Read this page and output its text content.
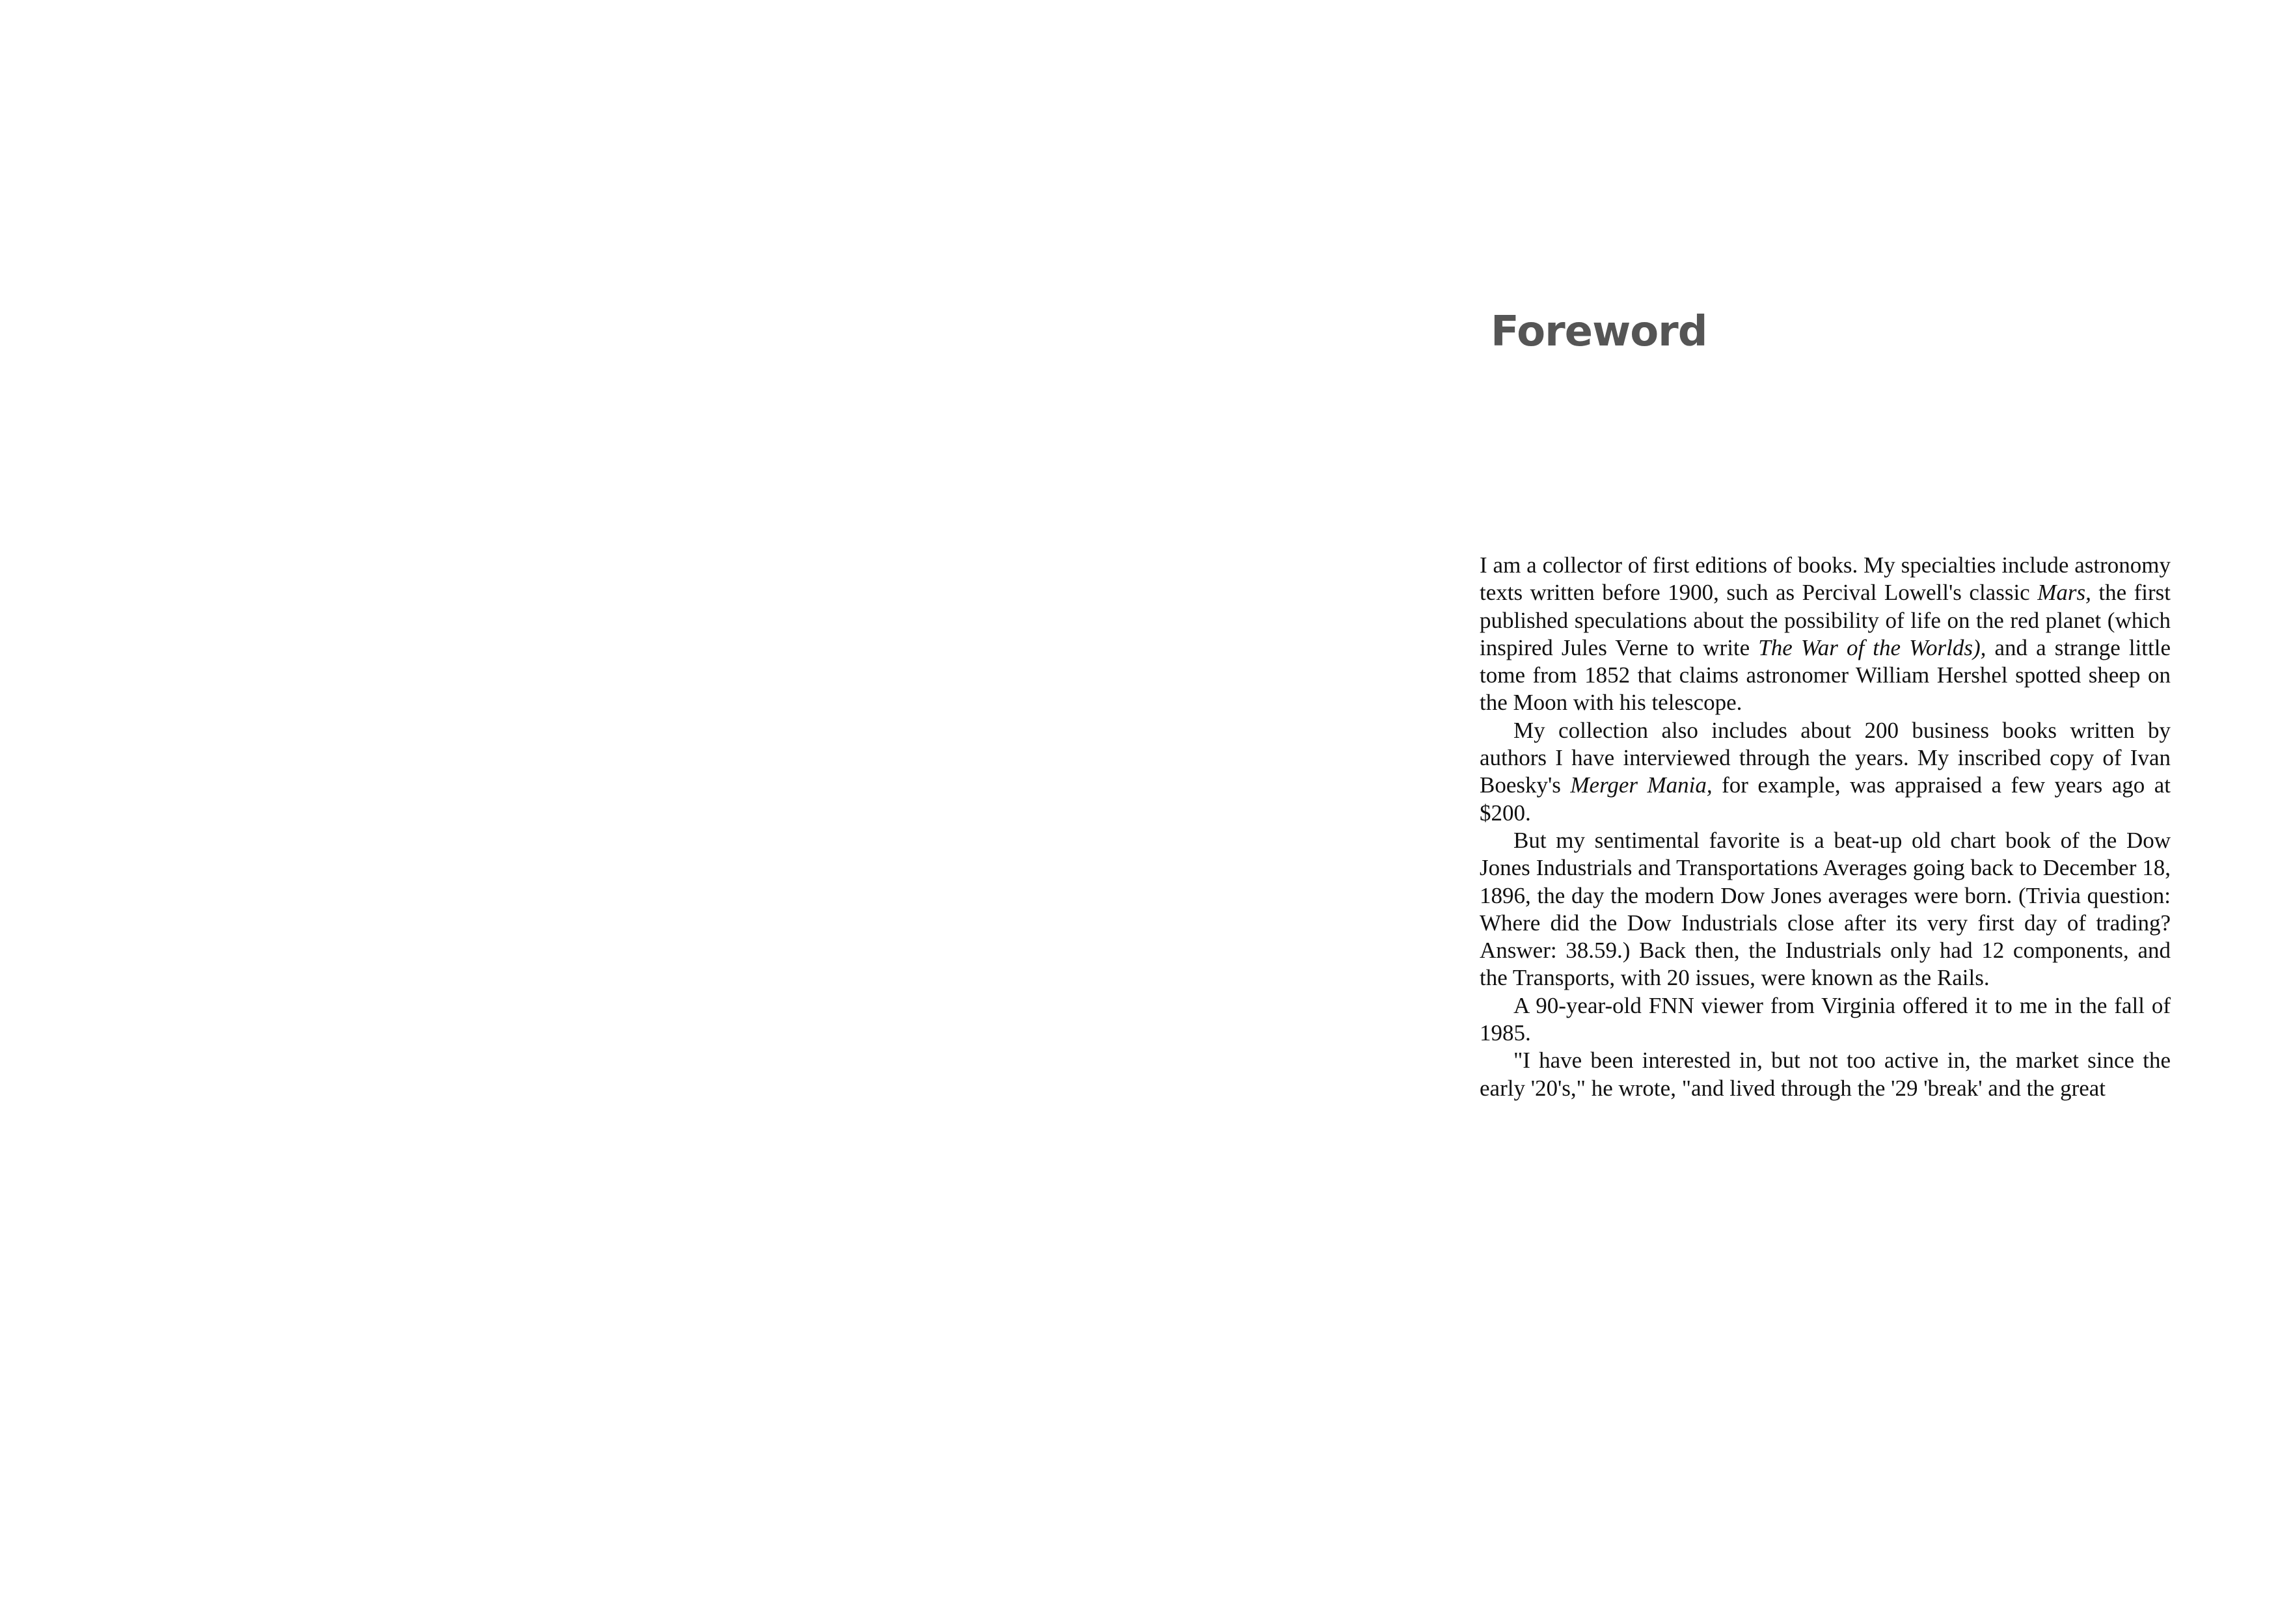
Foreword

I am a collector of first editions of books. My specialties include astronomy texts written before 1900, such as Percival Lowell's classic Mars, the first published speculations about the possibility of life on the red planet (which inspired Jules Verne to write The War of the Worlds), and a strange little tome from 1852 that claims astronomer William Hershel spotted sheep on the Moon with his telescope.

My collection also includes about 200 business books written by authors I have interviewed through the years. My inscribed copy of Ivan Boesky's Merger Mania, for example, was appraised a few years ago at $200.

But my sentimental favorite is a beat-up old chart book of the Dow Jones Industrials and Transportations Averages going back to December 18, 1896, the day the modern Dow Jones averages were born. (Trivia question: Where did the Dow Industrials close after its very first day of trading? Answer: 38.59.) Back then, the Industrials only had 12 components, and the Transports, with 20 issues, were known as the Rails.

A 90-year-old FNN viewer from Virginia offered it to me in the fall of 1985.

"I have been interested in, but not too active in, the market since the early '20's," he wrote, "and lived through the '29 'break' and the great
